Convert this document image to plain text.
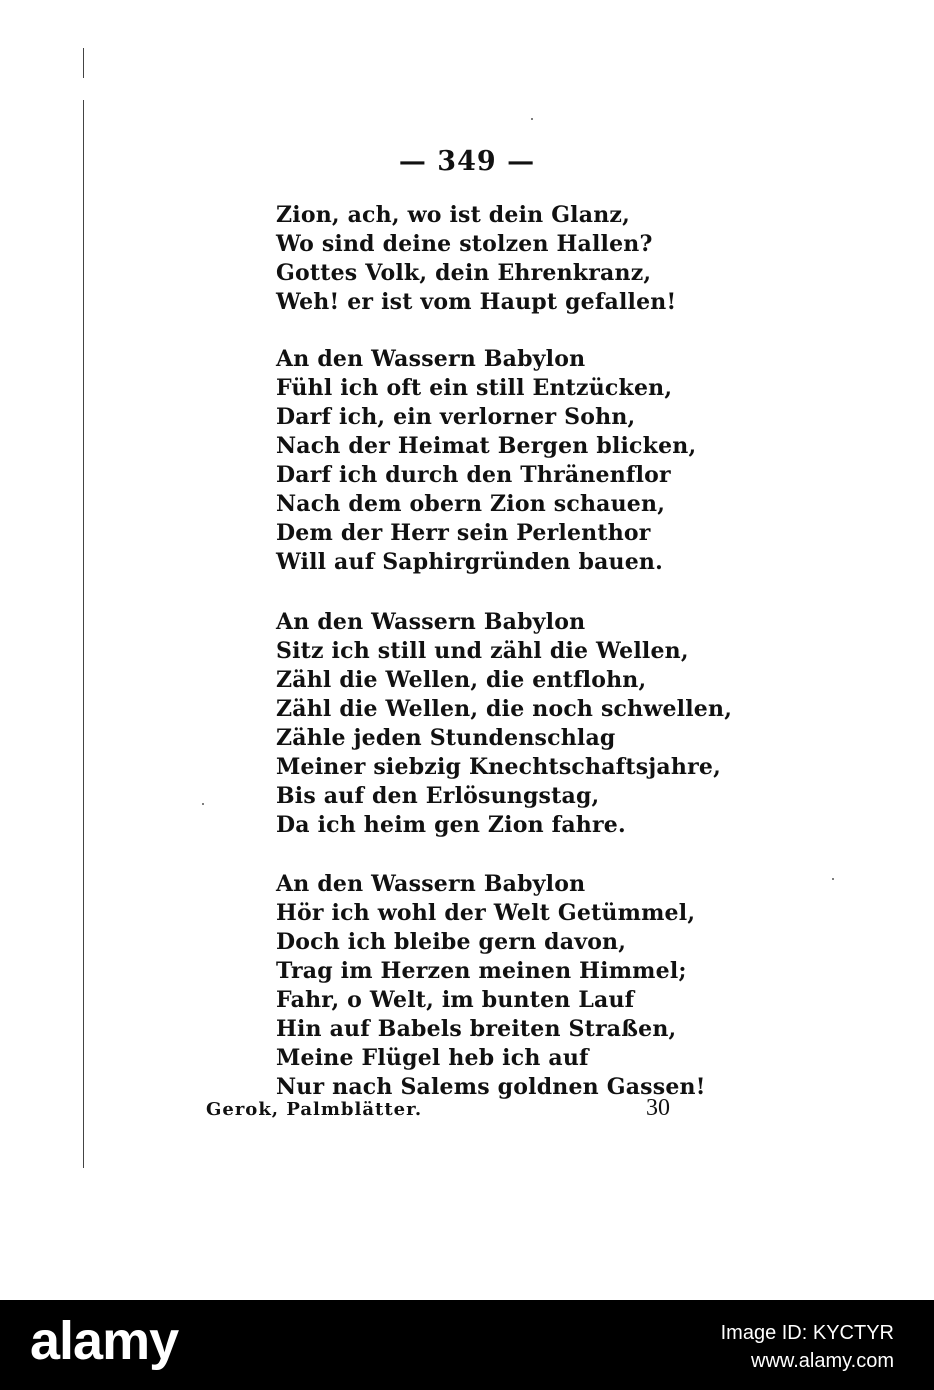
— 349 —
Zion, ach, wo ist dein Glanz,
Wo sind deine stolzen Hallen?
Gottes Volk, dein Ehrenkranz,
Weh! er ist vom Haupt gefallen!
An den Wassern Babylon
Fühl ich oft ein still Entzücken,
Darf ich, ein verlorner Sohn,
Nach der Heimat Bergen blicken,
Darf ich durch den Thränenflor
Nach dem obern Zion schauen,
Dem der Herr sein Perlenthor
Will auf Saphirgründen bauen.
An den Wassern Babylon
Sitz ich still und zähl die Wellen,
Zähl die Wellen, die entflohn,
Zähl die Wellen, die noch schwellen,
Zähle jeden Stundenschlag
Meiner siebzig Knechtschaftsjahre,
Bis auf den Erlösungstag,
Da ich heim gen Zion fahre.
An den Wassern Babylon
Hör ich wohl der Welt Getümmel,
Doch ich bleibe gern davon,
Trag im Herzen meinen Himmel;
Fahr, o Welt, im bunten Lauf
Hin auf Babels breiten Straßen,
Meine Flügel heb ich auf
Nur nach Salems goldnen Gassen!
Gerok, Palmblätter.	30
alamy	Image ID: KYCTYR
www.alamy.com
